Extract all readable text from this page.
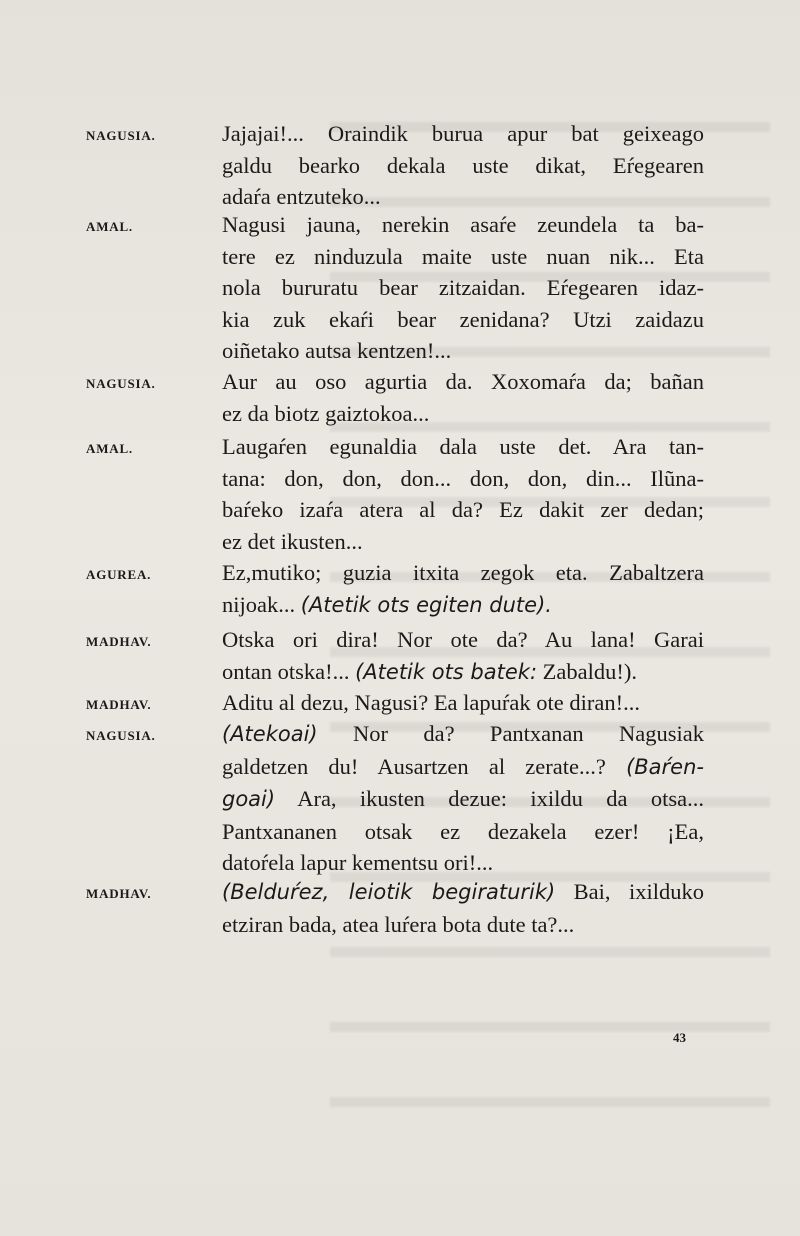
NAGUSIA.	Jajajai!... Oraindik burua apur bat geixeago
galdu bearko dekala uste dikat, Eŕegearen
adaŕa entzuteko...
AMAL.	Nagusi jauna, nerekin asaŕe zeundela ta ba-
tere ez ninduzula maite uste nuan nik... Eta
nola bururatu bear zitzaidan. Eŕegearen idaz-
kia zuk ekaŕi bear zenidana? Utzi zaidazu
oiñetako autsa kentzen!...
NAGUSIA.	Aur au oso agurtia da. Xoxomaŕa da; bañan
ez da biotz gaiztokoa...
AMAL.	Laugaŕen egunaldia dala uste det. Ara tan-
tana: don, don, don... don, don, din... Ilũna-
baŕeko izaŕa atera al da? Ez dakit zer dedan;
ez det ikusten...
AGUREA.	Ez,mutiko; guzia itxita zegok eta. Zabaltzera
nijoak... (Atetik ots egiten dute).
MADHAV.	Otska ori dira! Nor ote da? Au lana! Garai
ontan otska!... (Atetik ots batek: Zabaldu!).
MADHAV.	Aditu al dezu, Nagusi? Ea lapuŕak ote diran!...
NAGUSIA.	(Atekoai) Nor da? Pantxanan Nagusiak
galdetzen du! Ausartzen al zerate...? (Baŕen-
goai) Ara, ikusten dezue: ixildu da otsa...
Pantxananen otsak ez dezakela ezer! ¡Ea,
datoŕela lapur kementsu ori!...
MADHAV.	(Belduŕez, leiotik begiraturik) Bai, ixilduko
etziran bada, atea luŕera bota dute ta?...
43
